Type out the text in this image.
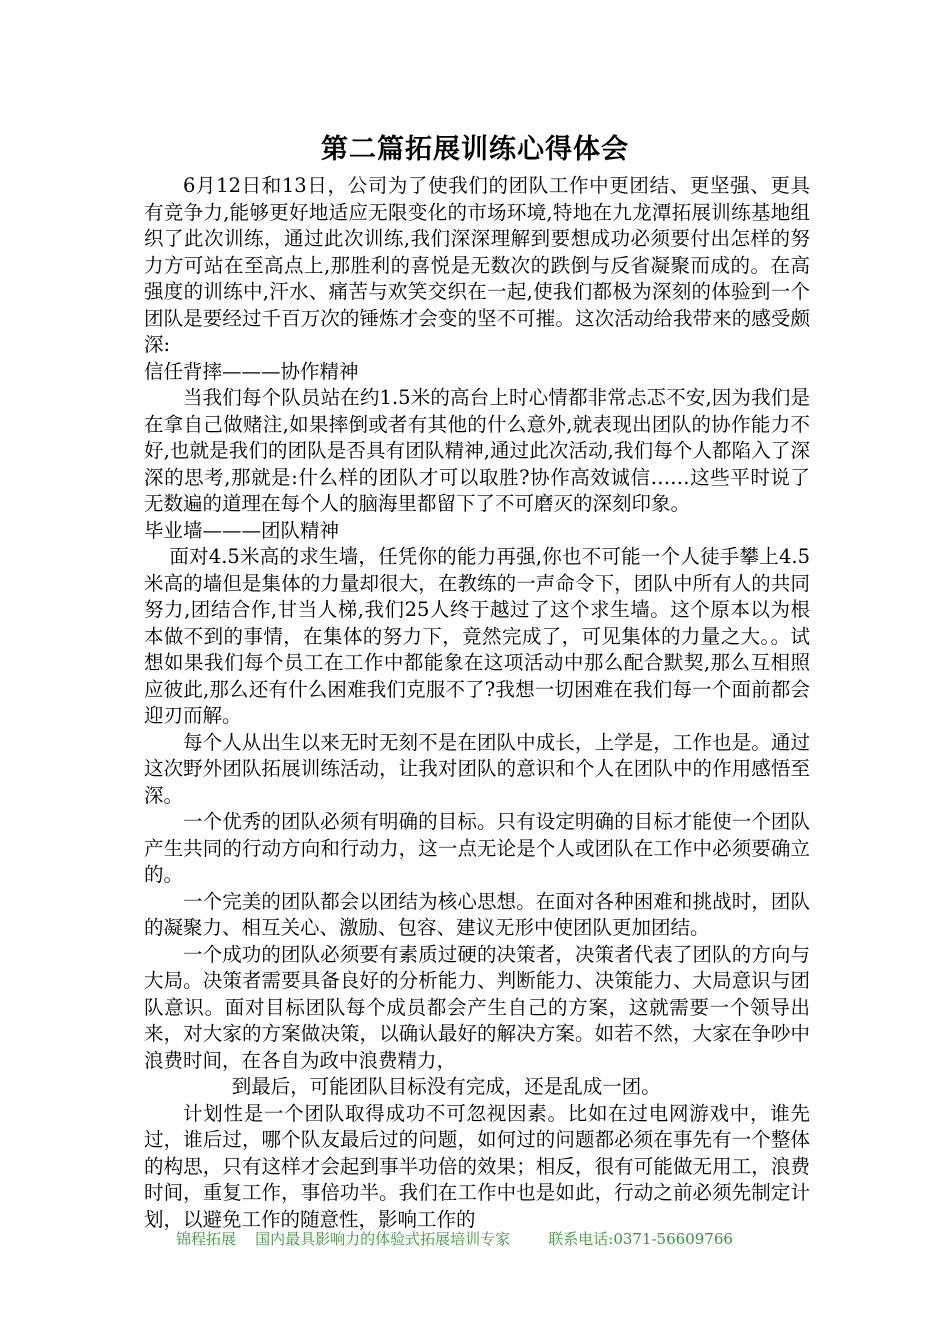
第二篇拓展训练心得体会

6月12日和13日，公司为了使我们的团队工作中更团结、更坚强、更具有竞争力,能够更好地适应无限变化的市场环境,特地在九龙潭拓展训练基地组织了此次训练，通过此次训练,我们深深理解到要想成功必须要付出怎样的努力方可站在至高点上,那胜利的喜悦是无数次的跌倒与反省凝聚而成的。在高强度的训练中,汗水、痛苦与欢笑交织在一起,使我们都极为深刻的体验到一个团队是要经过千百万次的锤炼才会变的坚不可摧。这次活动给我带来的感受颇深:

信任背摔———协作精神

当我们每个队员站在约1.5米的高台上时心情都非常忐忑不安,因为我们是在拿自己做赌注,如果摔倒或者有其他的什么意外,就表现出团队的协作能力不好,也就是我们的团队是否具有团队精神,通过此次活动,我们每个人都陷入了深深的思考,那就是:什么样的团队才可以取胜?协作高效诚信……这些平时说了无数遍的道理在每个人的脑海里都留下了不可磨灭的深刻印象。

毕业墙———团队精神

面对4.5米高的求生墙，任凭你的能力再强,你也不可能一个人徒手攀上4.5米高的墙但是集体的力量却很大，在教练的一声命令下，团队中所有人的共同努力,团结合作,甘当人梯,我们25人终于越过了这个求生墙。这个原本以为根本做不到的事情，在集体的努力下，竟然完成了，可见集体的力量之大。。试想如果我们每个员工在工作中都能象在这项活动中那么配合默契,那么互相照应彼此,那么还有什么困难我们克服不了?我想一切困难在我们每一个面前都会迎刃而解。

每个人从出生以来无时无刻不是在团队中成长，上学是，工作也是。通过这次野外团队拓展训练活动，让我对团队的意识和个人在团队中的作用感悟至深。

一个优秀的团队必须有明确的目标。只有设定明确的目标才能使一个团队产生共同的行动方向和行动力，这一点无论是个人或团队在工作中必须要确立的。

一个完美的团队都会以团结为核心思想。在面对各种困难和挑战时，团队的凝聚力、相互关心、激励、包容、建议无形中使团队更加团结。

一个成功的团队必须要有素质过硬的决策者，决策者代表了团队的方向与大局。决策者需要具备良好的分析能力、判断能力、决策能力、大局意识与团队意识。面对目标团队每个成员都会产生自己的方案，这就需要一个领导出来，对大家的方案做决策，以确认最好的解决方案。如若不然，大家在争吵中浪费时间，在各自为政中浪费精力，

到最后，可能团队目标没有完成，还是乱成一团。

计划性是一个团队取得成功不可忽视因素。比如在过电网游戏中，谁先过，谁后过，哪个队友最后过的问题，如何过的问题都必须在事先有一个整体的构思，只有这样才会起到事半功倍的效果；相反，很有可能做无用工，浪费时间，重复工作，事倍功半。我们在工作中也是如此，行动之前必须先制定计划，以避免工作的随意性，影响工作的

锦程拓展 国内最具影响力的体验式拓展培训专家	联系电话:0371-56609766
